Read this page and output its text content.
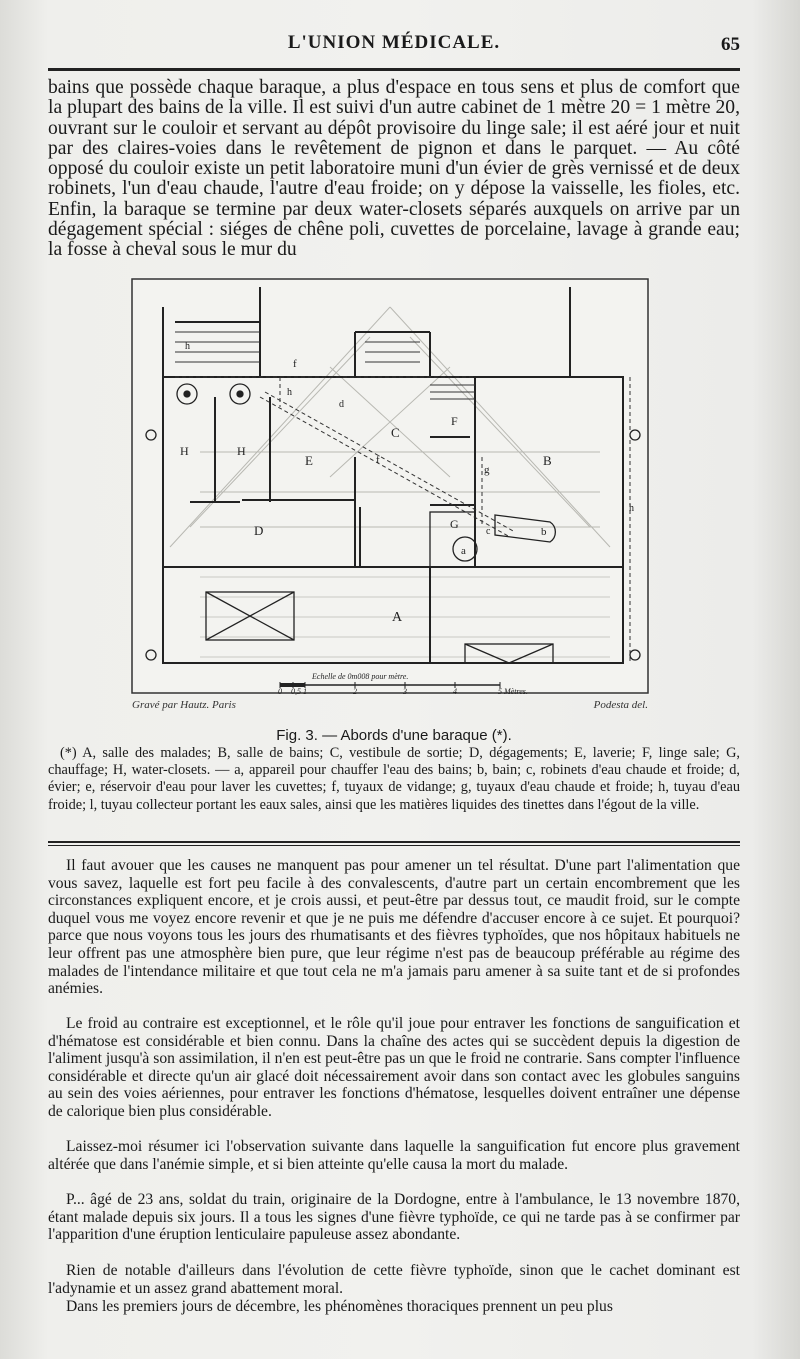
L'UNION MÉDICALE.	65

bains que possède chaque baraque, a plus d'espace en tous sens et plus de comfort que la plupart des bains de la ville. Il est suivi d'un autre cabinet de 1 mètre 20 = 1 mètre 20, ouvrant sur le couloir et servant au dépôt provisoire du linge sale; il est aéré jour et nuit par des claires-voies dans le revêtement de pignon et dans le parquet. — Au côté opposé du couloir existe un petit laboratoire muni d'un évier de grès vernissé et de deux robinets, l'un d'eau chaude, l'autre d'eau froide; on y dépose la vaisselle, les fioles, etc. Enfin, la baraque se termine par deux water-closets séparés auxquels on arrive par un dégagement spécial : siéges de chêne poli, cuvettes de porcelaine, lavage à grande eau; la fosse à cheval sous le mur du

A
B
C
D
E
F
G
H	H
a
b
c
d
f
f
g
h
h
h
Echelle de 0m008 pour mètre.
0 0,5 1	2	3	4	5 Mètres.
Gravé par Hautz. Paris	Podesta del.
Fig. 3. — Abords d'une baraque (*).

(*) A, salle des malades; B, salle de bains; C, vestibule de sortie; D, dégagements; E, laverie; F, linge sale; G, chauffage; H, water-closets. — a, appareil pour chauffer l'eau des bains; b, bain; c, robinets d'eau chaude et froide; d, évier; e, réservoir d'eau pour laver les cuvettes; f, tuyaux de vidange; g, tuyaux d'eau chaude et froide; h, tuyau d'eau froide; l, tuyau collecteur portant les eaux sales, ainsi que les matières liquides des tinettes dans l'égout de la ville.

Il faut avouer que les causes ne manquent pas pour amener un tel résultat. D'une part l'alimentation que vous savez, laquelle est fort peu facile à des convalescents, d'autre part un certain encombrement que les circonstances expliquent encore, et je crois aussi, et peut-être par dessus tout, ce maudit froid, sur le compte duquel vous me voyez encore revenir et que je ne puis me défendre d'accuser encore à ce sujet. Et pourquoi? parce que nous voyons tous les jours des rhumatisants et des fièvres typhoïdes, que nos hôpitaux habituels ne leur offrent pas une atmosphère bien pure, que leur régime n'est pas de beaucoup préférable au régime des malades de l'intendance militaire et que tout cela ne m'a jamais paru amener à sa suite tant et de si profondes anémies.

Le froid au contraire est exceptionnel, et le rôle qu'il joue pour entraver les fonctions de sanguification et d'hématose est considérable et bien connu. Dans la chaîne des actes qui se succèdent depuis la digestion de l'aliment jusqu'à son assimilation, il n'en est peut-être pas un que le froid ne contrarie. Sans compter l'influence considérable et directe qu'un air glacé doit nécessairement avoir dans son contact avec les globules sanguins au sein des voies aériennes, pour entraver les fonctions d'hématose, lesquelles doivent entraîner une dépense de calorique bien plus considérable.

Laissez-moi résumer ici l'observation suivante dans laquelle la sanguification fut encore plus gravement altérée que dans l'anémie simple, et si bien atteinte qu'elle causa la mort du malade.

P... âgé de 23 ans, soldat du train, originaire de la Dordogne, entre à l'ambulance, le 13 novembre 1870, étant malade depuis six jours. Il a tous les signes d'une fièvre typhoïde, ce qui ne tarde pas à se confirmer par l'apparition d'une éruption lenticulaire papuleuse assez abondante.

Rien de notable d'ailleurs dans l'évolution de cette fièvre typhoïde, sinon que le cachet dominant est l'adynamie et un assez grand abattement moral.

Dans les premiers jours de décembre, les phénomènes thoraciques prennent un peu plus
